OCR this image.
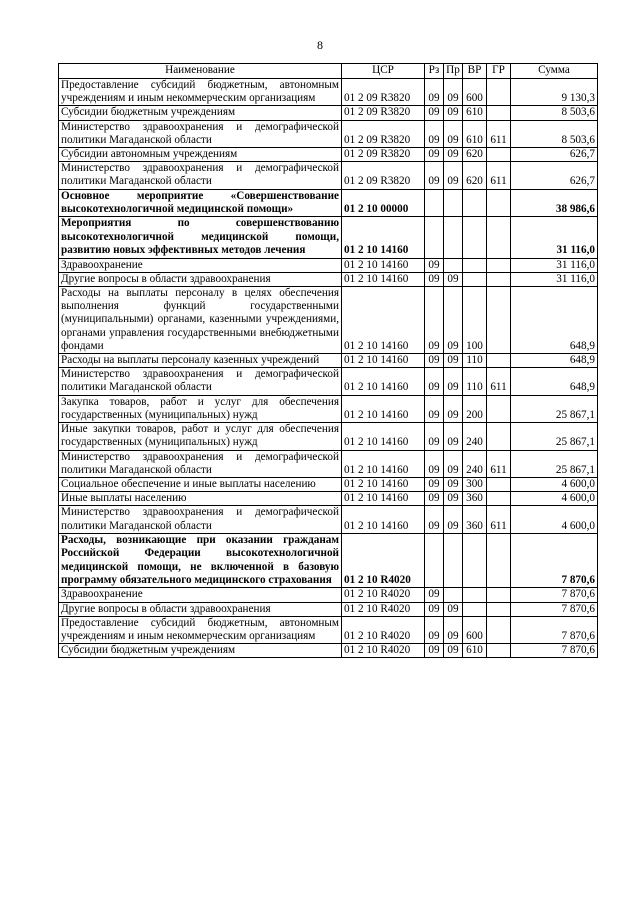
8
Наименование	ЦСР	Рз	Пр	ВР	ГР	Сумма
Предоставление субсидий бюджетным, автономным учреждениям и иным некоммерческим организациям	01 2 09 R3820	09	09	600		9 130,3
Субсидии бюджетным учреждениям	01 2 09 R3820	09	09	610		8 503,6
Министерство здравоохранения и демографической политики Магаданской области	01 2 09 R3820	09	09	610	611	8 503,6
Субсидии автономным учреждениям	01 2 09 R3820	09	09	620		626,7
Министерство здравоохранения и демографической политики Магаданской области	01 2 09 R3820	09	09	620	611	626,7
Основное мероприятие «Совершенствование высокотехнологичной медицинской помощи»	01 2 10 00000					38 986,6
Мероприятия по совершенствованию высокотехнологичной медицинской помощи, развитию новых эффективных методов лечения	01 2 10 14160					31 116,0
Здравоохранение	01 2 10 14160	09				31 116,0
Другие вопросы в области здравоохранения	01 2 10 14160	09	09			31 116,0
Расходы на выплаты персоналу в целях обеспечения выполнения функций государственными (муниципальными) органами, казенными учреждениями, органами управления государственными внебюджетными фондами	01 2 10 14160	09	09	100		648,9
Расходы на выплаты персоналу казенных учреждений	01 2 10 14160	09	09	110		648,9
Министерство здравоохранения и демографической политики Магаданской области	01 2 10 14160	09	09	110	611	648,9
Закупка товаров, работ и услуг для обеспечения государственных (муниципальных) нужд	01 2 10 14160	09	09	200		25 867,1
Иные закупки товаров, работ и услуг для обеспечения государственных (муниципальных) нужд	01 2 10 14160	09	09	240		25 867,1
Министерство здравоохранения и демографической политики Магаданской области	01 2 10 14160	09	09	240	611	25 867,1
Социальное обеспечение и иные выплаты населению	01 2 10 14160	09	09	300		4 600,0
Иные выплаты населению	01 2 10 14160	09	09	360		4 600,0
Министерство здравоохранения и демографической политики Магаданской области	01 2 10 14160	09	09	360	611	4 600,0
Расходы, возникающие при оказании гражданам Российской Федерации высокотехнологичной медицинской помощи, не включенной в базовую программу обязательного медицинского страхования	01 2 10 R4020					7 870,6
Здравоохранение	01 2 10 R4020	09				7 870,6
Другие вопросы в области здравоохранения	01 2 10 R4020	09	09			7 870,6
Предоставление субсидий бюджетным, автономным учреждениям и иным некоммерческим организациям	01 2 10 R4020	09	09	600		7 870,6
Субсидии бюджетным учреждениям	01 2 10 R4020	09	09	610		7 870,6
